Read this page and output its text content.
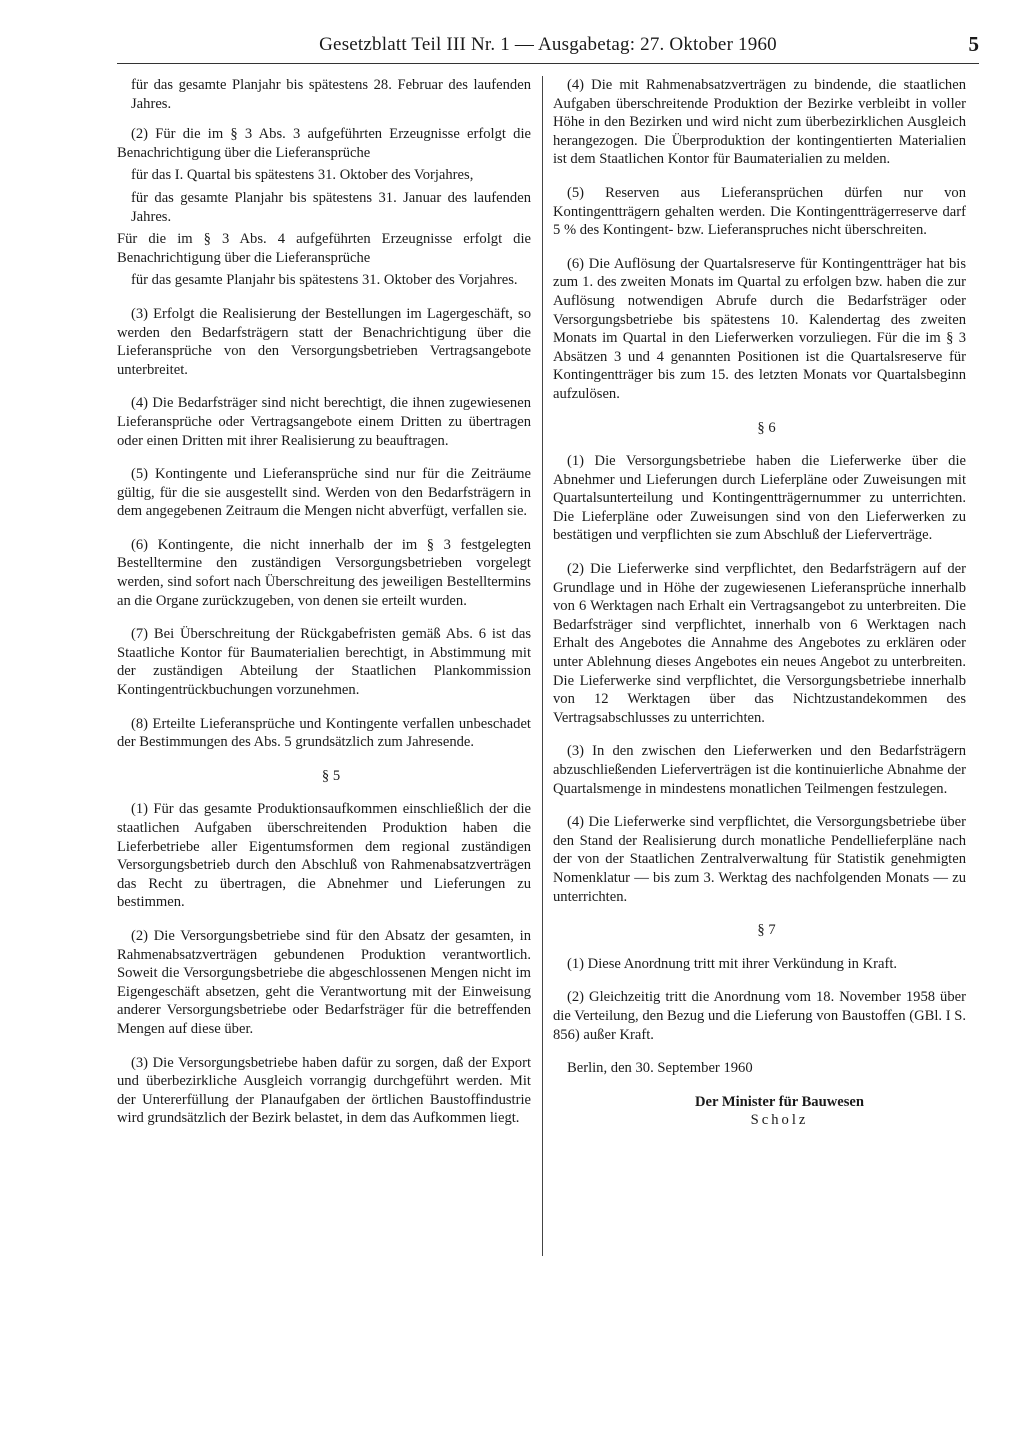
Gesetzblatt Teil III Nr. 1 — Ausgabetag: 27. Oktober 1960	5

für das gesamte Planjahr bis spätestens 28. Februar des laufenden Jahres.

(2) Für die im § 3 Abs. 3 aufgeführten Erzeugnisse erfolgt die Benachrichtigung über die Lieferansprüche

für das I. Quartal bis spätestens 31. Oktober des Vorjahres,

für das gesamte Planjahr bis spätestens 31. Januar des laufenden Jahres.

Für die im § 3 Abs. 4 aufgeführten Erzeugnisse erfolgt die Benachrichtigung über die Lieferansprüche

für das gesamte Planjahr bis spätestens 31. Oktober des Vorjahres.

(3) Erfolgt die Realisierung der Bestellungen im Lagergeschäft, so werden den Bedarfsträgern statt der Benachrichtigung über die Lieferansprüche von den Versorgungsbetrieben Vertragsangebote unterbreitet.

(4) Die Bedarfsträger sind nicht berechtigt, die ihnen zugewiesenen Lieferansprüche oder Vertragsangebote einem Dritten zu übertragen oder einen Dritten mit ihrer Realisierung zu beauftragen.

(5) Kontingente und Lieferansprüche sind nur für die Zeiträume gültig, für die sie ausgestellt sind. Werden von den Bedarfsträgern in dem angegebenen Zeitraum die Mengen nicht abverfügt, verfallen sie.

(6) Kontingente, die nicht innerhalb der im § 3 festgelegten Bestelltermine den zuständigen Versorgungsbetrieben vorgelegt werden, sind sofort nach Überschreitung des jeweiligen Bestelltermins an die Organe zurückzugeben, von denen sie erteilt wurden.

(7) Bei Überschreitung der Rückgabefristen gemäß Abs. 6 ist das Staatliche Kontor für Baumaterialien berechtigt, in Abstimmung mit der zuständigen Abteilung der Staatlichen Plankommission Kontingentrückbuchungen vorzunehmen.

(8) Erteilte Lieferansprüche und Kontingente verfallen unbeschadet der Bestimmungen des Abs. 5 grundsätzlich zum Jahresende.

§ 5

(1) Für das gesamte Produktionsaufkommen einschließlich der die staatlichen Aufgaben überschreitenden Produktion haben die Lieferbetriebe aller Eigentumsformen dem regional zuständigen Versorgungsbetrieb durch den Abschluß von Rahmenabsatzverträgen das Recht zu übertragen, die Abnehmer und Lieferungen zu bestimmen.

(2) Die Versorgungsbetriebe sind für den Absatz der gesamten, in Rahmenabsatzverträgen gebundenen Produktion verantwortlich. Soweit die Versorgungsbetriebe die abgeschlossenen Mengen nicht im Eigengeschäft absetzen, geht die Verantwortung mit der Einweisung anderer Versorgungsbetriebe oder Bedarfsträger für die betreffenden Mengen auf diese über.

(3) Die Versorgungsbetriebe haben dafür zu sorgen, daß der Export und überbezirkliche Ausgleich vorrangig durchgeführt werden. Mit der Untererfüllung der Planaufgaben der örtlichen Baustoffindustrie wird grundsätzlich der Bezirk belastet, in dem das Aufkommen liegt.

(4) Die mit Rahmenabsatzverträgen zu bindende, die staatlichen Aufgaben überschreitende Produktion der Bezirke verbleibt in voller Höhe in den Bezirken und wird nicht zum überbezirklichen Ausgleich herangezogen. Die Überproduktion der kontingentierten Materialien ist dem Staatlichen Kontor für Baumaterialien zu melden.

(5) Reserven aus Lieferansprüchen dürfen nur von Kontingentträgern gehalten werden. Die Kontingentträgerreserve darf 5 % des Kontingent- bzw. Lieferanspruches nicht überschreiten.

(6) Die Auflösung der Quartalsreserve für Kontingentträger hat bis zum 1. des zweiten Monats im Quartal zu erfolgen bzw. haben die zur Auflösung notwendigen Abrufe durch die Bedarfsträger oder Versorgungsbetriebe bis spätestens 10. Kalendertag des zweiten Monats im Quartal in den Lieferwerken vorzuliegen. Für die im § 3 Absätzen 3 und 4 genannten Positionen ist die Quartalsreserve für Kontingentträger bis zum 15. des letzten Monats vor Quartalsbeginn aufzulösen.

§ 6

(1) Die Versorgungsbetriebe haben die Lieferwerke über die Abnehmer und Lieferungen durch Lieferpläne oder Zuweisungen mit Quartalsunterteilung und Kontingentträgernummer zu unterrichten. Die Lieferpläne oder Zuweisungen sind von den Lieferwerken zu bestätigen und verpflichten sie zum Abschluß der Lieferverträge.

(2) Die Lieferwerke sind verpflichtet, den Bedarfsträgern auf der Grundlage und in Höhe der zugewiesenen Lieferansprüche innerhalb von 6 Werktagen nach Erhalt ein Vertragsangebot zu unterbreiten. Die Bedarfsträger sind verpflichtet, innerhalb von 6 Werktagen nach Erhalt des Angebotes die Annahme des Angebotes zu erklären oder unter Ablehnung dieses Angebotes ein neues Angebot zu unterbreiten. Die Lieferwerke sind verpflichtet, die Versorgungsbetriebe innerhalb von 12 Werktagen über das Nichtzustandekommen des Vertragsabschlusses zu unterrichten.

(3) In den zwischen den Lieferwerken und den Bedarfsträgern abzuschließenden Lieferverträgen ist die kontinuierliche Abnahme der Quartalsmenge in mindestens monatlichen Teilmengen festzulegen.

(4) Die Lieferwerke sind verpflichtet, die Versorgungsbetriebe über den Stand der Realisierung durch monatliche Pendellieferpläne nach der von der Staatlichen Zentralverwaltung für Statistik genehmigten Nomenklatur — bis zum 3. Werktag des nachfolgenden Monats — zu unterrichten.

§ 7

(1) Diese Anordnung tritt mit ihrer Verkündung in Kraft.

(2) Gleichzeitig tritt die Anordnung vom 18. November 1958 über die Verteilung, den Bezug und die Lieferung von Baustoffen (GBl. I S. 856) außer Kraft.

Berlin, den 30. September 1960

Der Minister für Bauwesen
Scholz
